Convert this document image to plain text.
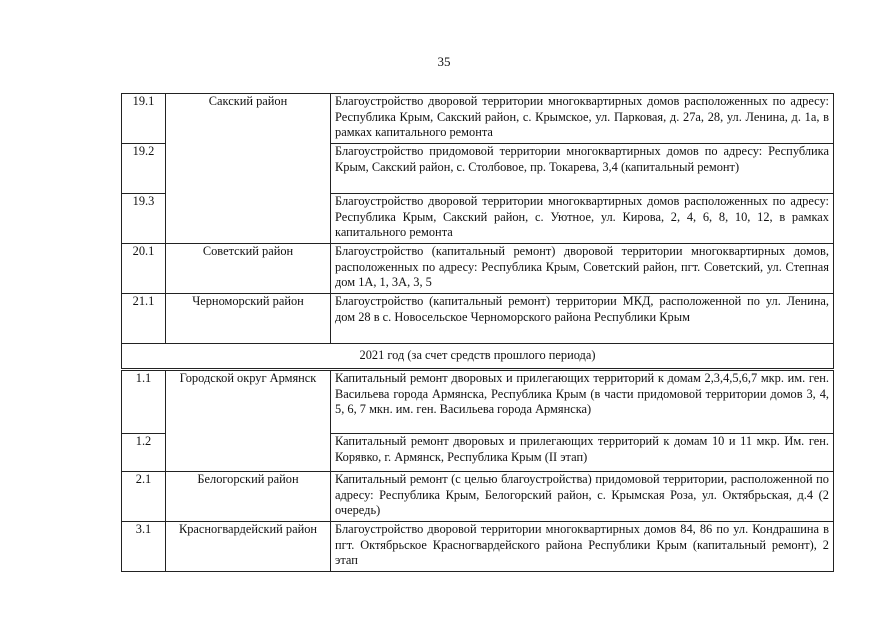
35
19.1	Сакский район	Благоустройство дворовой территории многоквартирных домов расположенных по адресу: Республика Крым, Сакский район, с. Крымское, ул. Парковая, д. 27а, 28, ул. Ленина, д. 1а, в рамках капитального ремонта
19.2		Благоустройство придомовой территории многоквартирных домов по адресу: Республика Крым, Сакский район, с. Столбовое, пр. Токарева, 3,4 (капитальный ремонт)
19.3		Благоустройство дворовой территории многоквартирных домов расположенных по адресу: Республика Крым, Сакский район, с. Уютное, ул. Кирова, 2, 4, 6, 8, 10, 12, в рамках капитального ремонта
20.1	Советский район	Благоустройство (капитальный ремонт) дворовой территории многоквартирных домов, расположенных по адресу: Республика Крым, Советский район, пгт. Советский, ул. Степная дом 1А, 1, 3А, 3, 5
21.1	Черноморский район	Благоустройство (капитальный ремонт) территории МКД, расположенной по ул. Ленина, дом 28 в с. Новосельское Черноморского района Республики Крым
2021 год (за счет средств прошлого периода)		
1.1	Городской округ Армянск	Капитальный ремонт дворовых и прилегающих территорий к домам 2,3,4,5,6,7 мкр. им. ген. Васильева города Армянска, Республика Крым (в части придомовой территории домов 3, 4, 5, 6, 7 мкн. им. ген. Васильева города Армянска)
1.2		Капитальный ремонт дворовых и прилегающих территорий к домам 10 и 11 мкр. Им. ген. Корявко, г. Армянск, Республика Крым (II этап)
2.1	Белогорский район	Капитальный ремонт (с целью благоустройства) придомовой территории, расположенной по адресу: Республика Крым, Белогорский район, с. Крымская Роза, ул. Октябрьская, д.4 (2 очередь)
3.1	Красногвардейский район	Благоустройство дворовой территории многоквартирных домов 84, 86 по ул. Кондрашина в пгт. Октябрьское Красногвардейского района Республики Крым (капитальный ремонт), 2 этап
